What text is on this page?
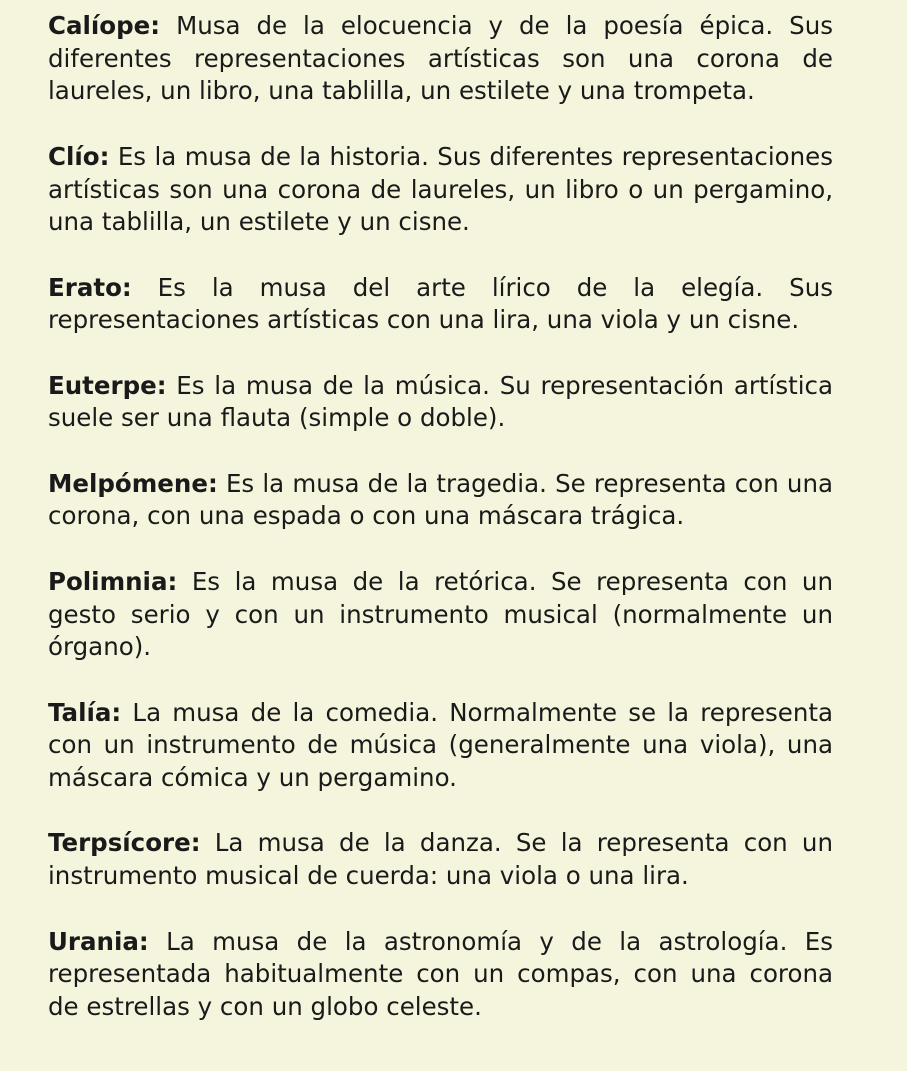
Calíope: Musa de la elocuencia y de la poesía épica. Sus diferentes representaciones artísticas son una corona de laureles, un libro, una tablilla, un estilete y una trompeta.

Clío: Es la musa de la historia. Sus diferentes representaciones artísticas son una corona de laureles, un libro o un pergamino, una tablilla, un estilete y un cisne.

Erato: Es la musa del arte lírico de la elegía. Sus representaciones artísticas con una lira, una viola y un cisne.

Euterpe: Es la musa de la música. Su representación artística suele ser una flauta (simple o doble).

Melpómene: Es la musa de la tragedia. Se representa con una corona, con una espada o con una máscara trágica.

Polimnia: Es la musa de la retórica. Se representa con un gesto serio y con un instrumento musical (normalmente un órgano).

Talía: La musa de la comedia. Normalmente se la representa con un instrumento de música (generalmente una viola), una máscara cómica y un pergamino.

Terpsícore: La musa de la danza. Se la representa con un instrumento musical de cuerda: una viola o una lira.

Urania: La musa de la astronomía y de la astrología. Es representada habitualmente con un compas, con una corona de estrellas y con un globo celeste.
